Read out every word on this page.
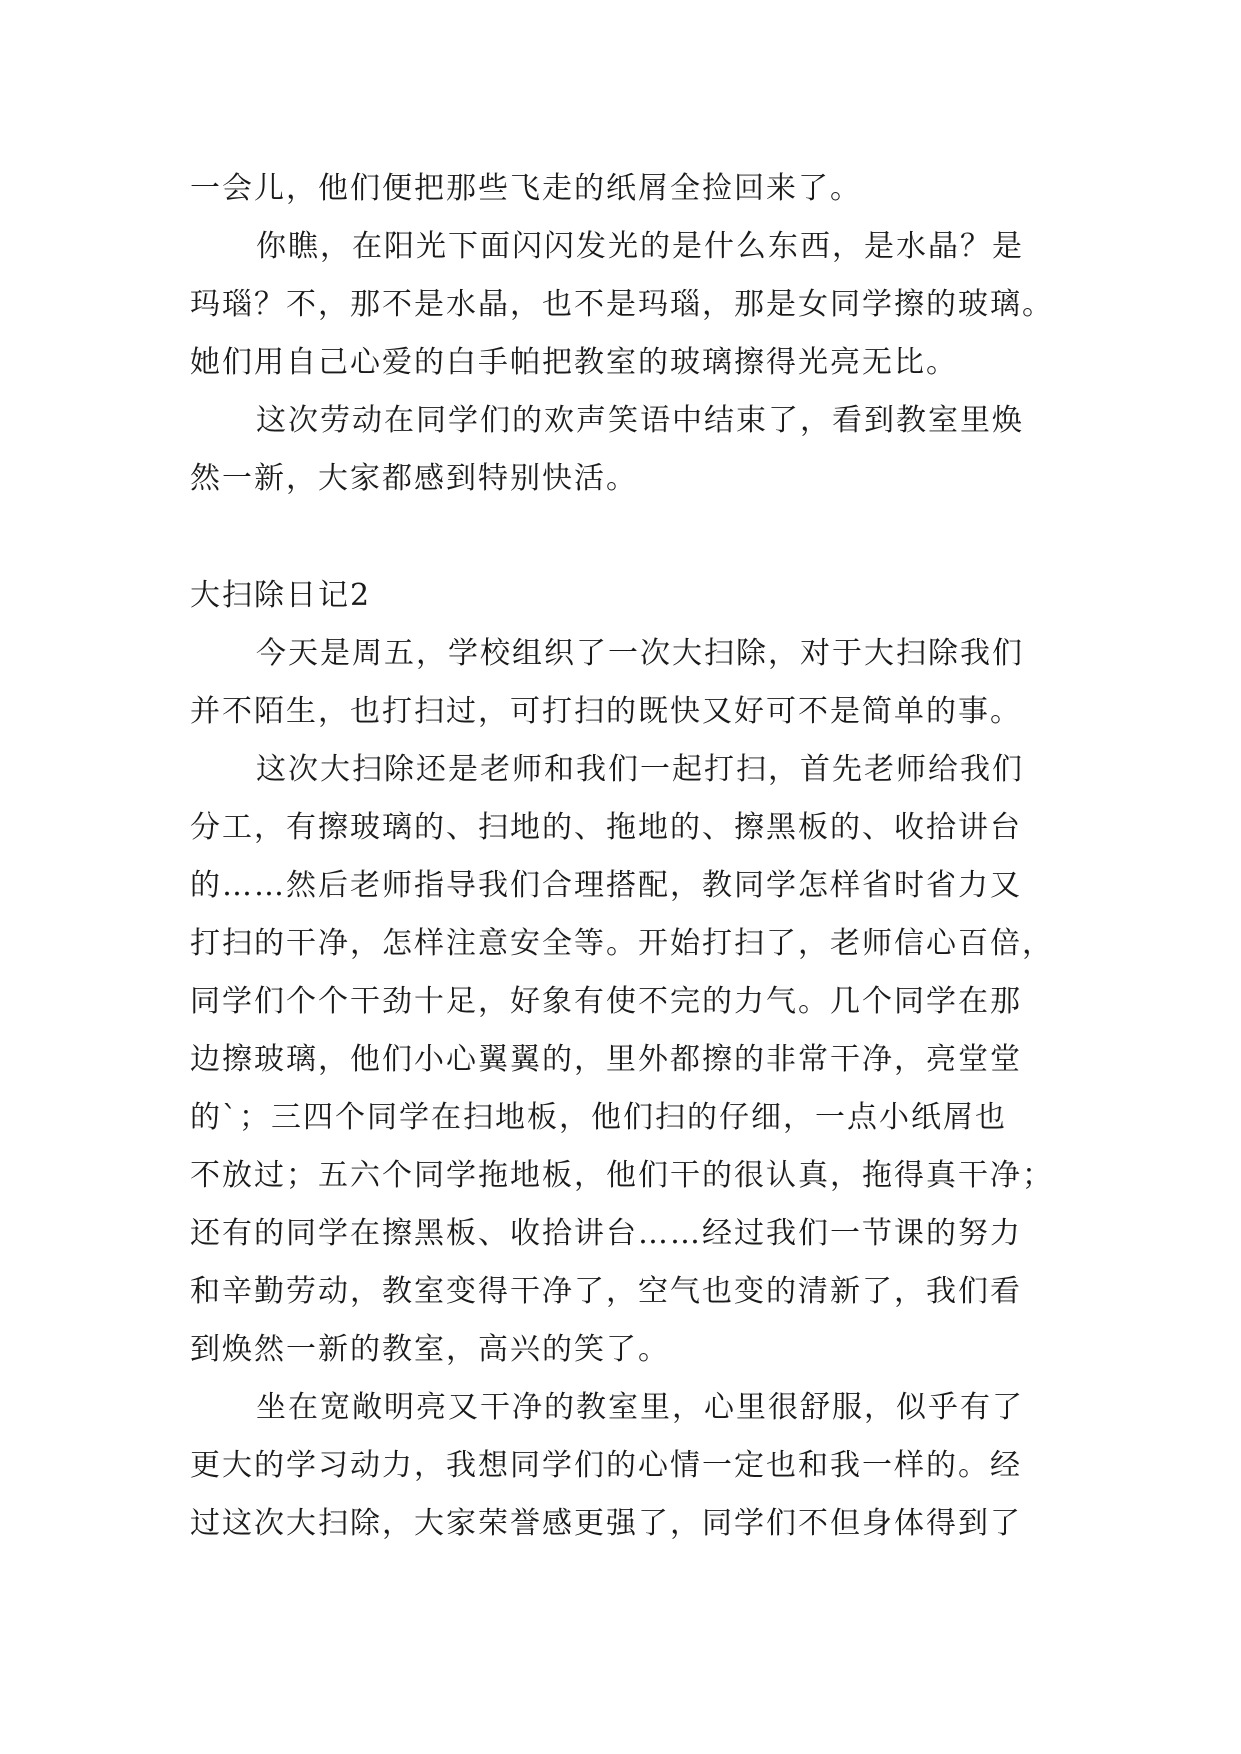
一会儿，他们便把那些飞走的纸屑全捡回来了。
你瞧，在阳光下面闪闪发光的是什么东西，是水晶？是
玛瑙？不，那不是水晶，也不是玛瑙，那是女同学擦的玻璃。
她们用自己心爱的白手帕把教室的玻璃擦得光亮无比。
这次劳动在同学们的欢声笑语中结束了，看到教室里焕
然一新，大家都感到特别快活。
大扫除日记2
今天是周五，学校组织了一次大扫除，对于大扫除我们
并不陌生，也打扫过，可打扫的既快又好可不是简单的事。
这次大扫除还是老师和我们一起打扫，首先老师给我们
分工，有擦玻璃的、扫地的、拖地的、擦黑板的、收拾讲台
的……然后老师指导我们合理搭配，教同学怎样省时省力又
打扫的干净，怎样注意安全等。开始打扫了，老师信心百倍，
同学们个个干劲十足，好象有使不完的力气。几个同学在那
边擦玻璃，他们小心翼翼的，里外都擦的非常干净，亮堂堂
的`；三四个同学在扫地板，他们扫的仔细，一点小纸屑也
不放过；五六个同学拖地板，他们干的很认真，拖得真干净；
还有的同学在擦黑板、收拾讲台……经过我们一节课的努力
和辛勤劳动，教室变得干净了，空气也变的清新了，我们看
到焕然一新的教室，高兴的笑了。
坐在宽敞明亮又干净的教室里，心里很舒服，似乎有了
更大的学习动力，我想同学们的心情一定也和我一样的。经
过这次大扫除，大家荣誉感更强了，同学们不但身体得到了
